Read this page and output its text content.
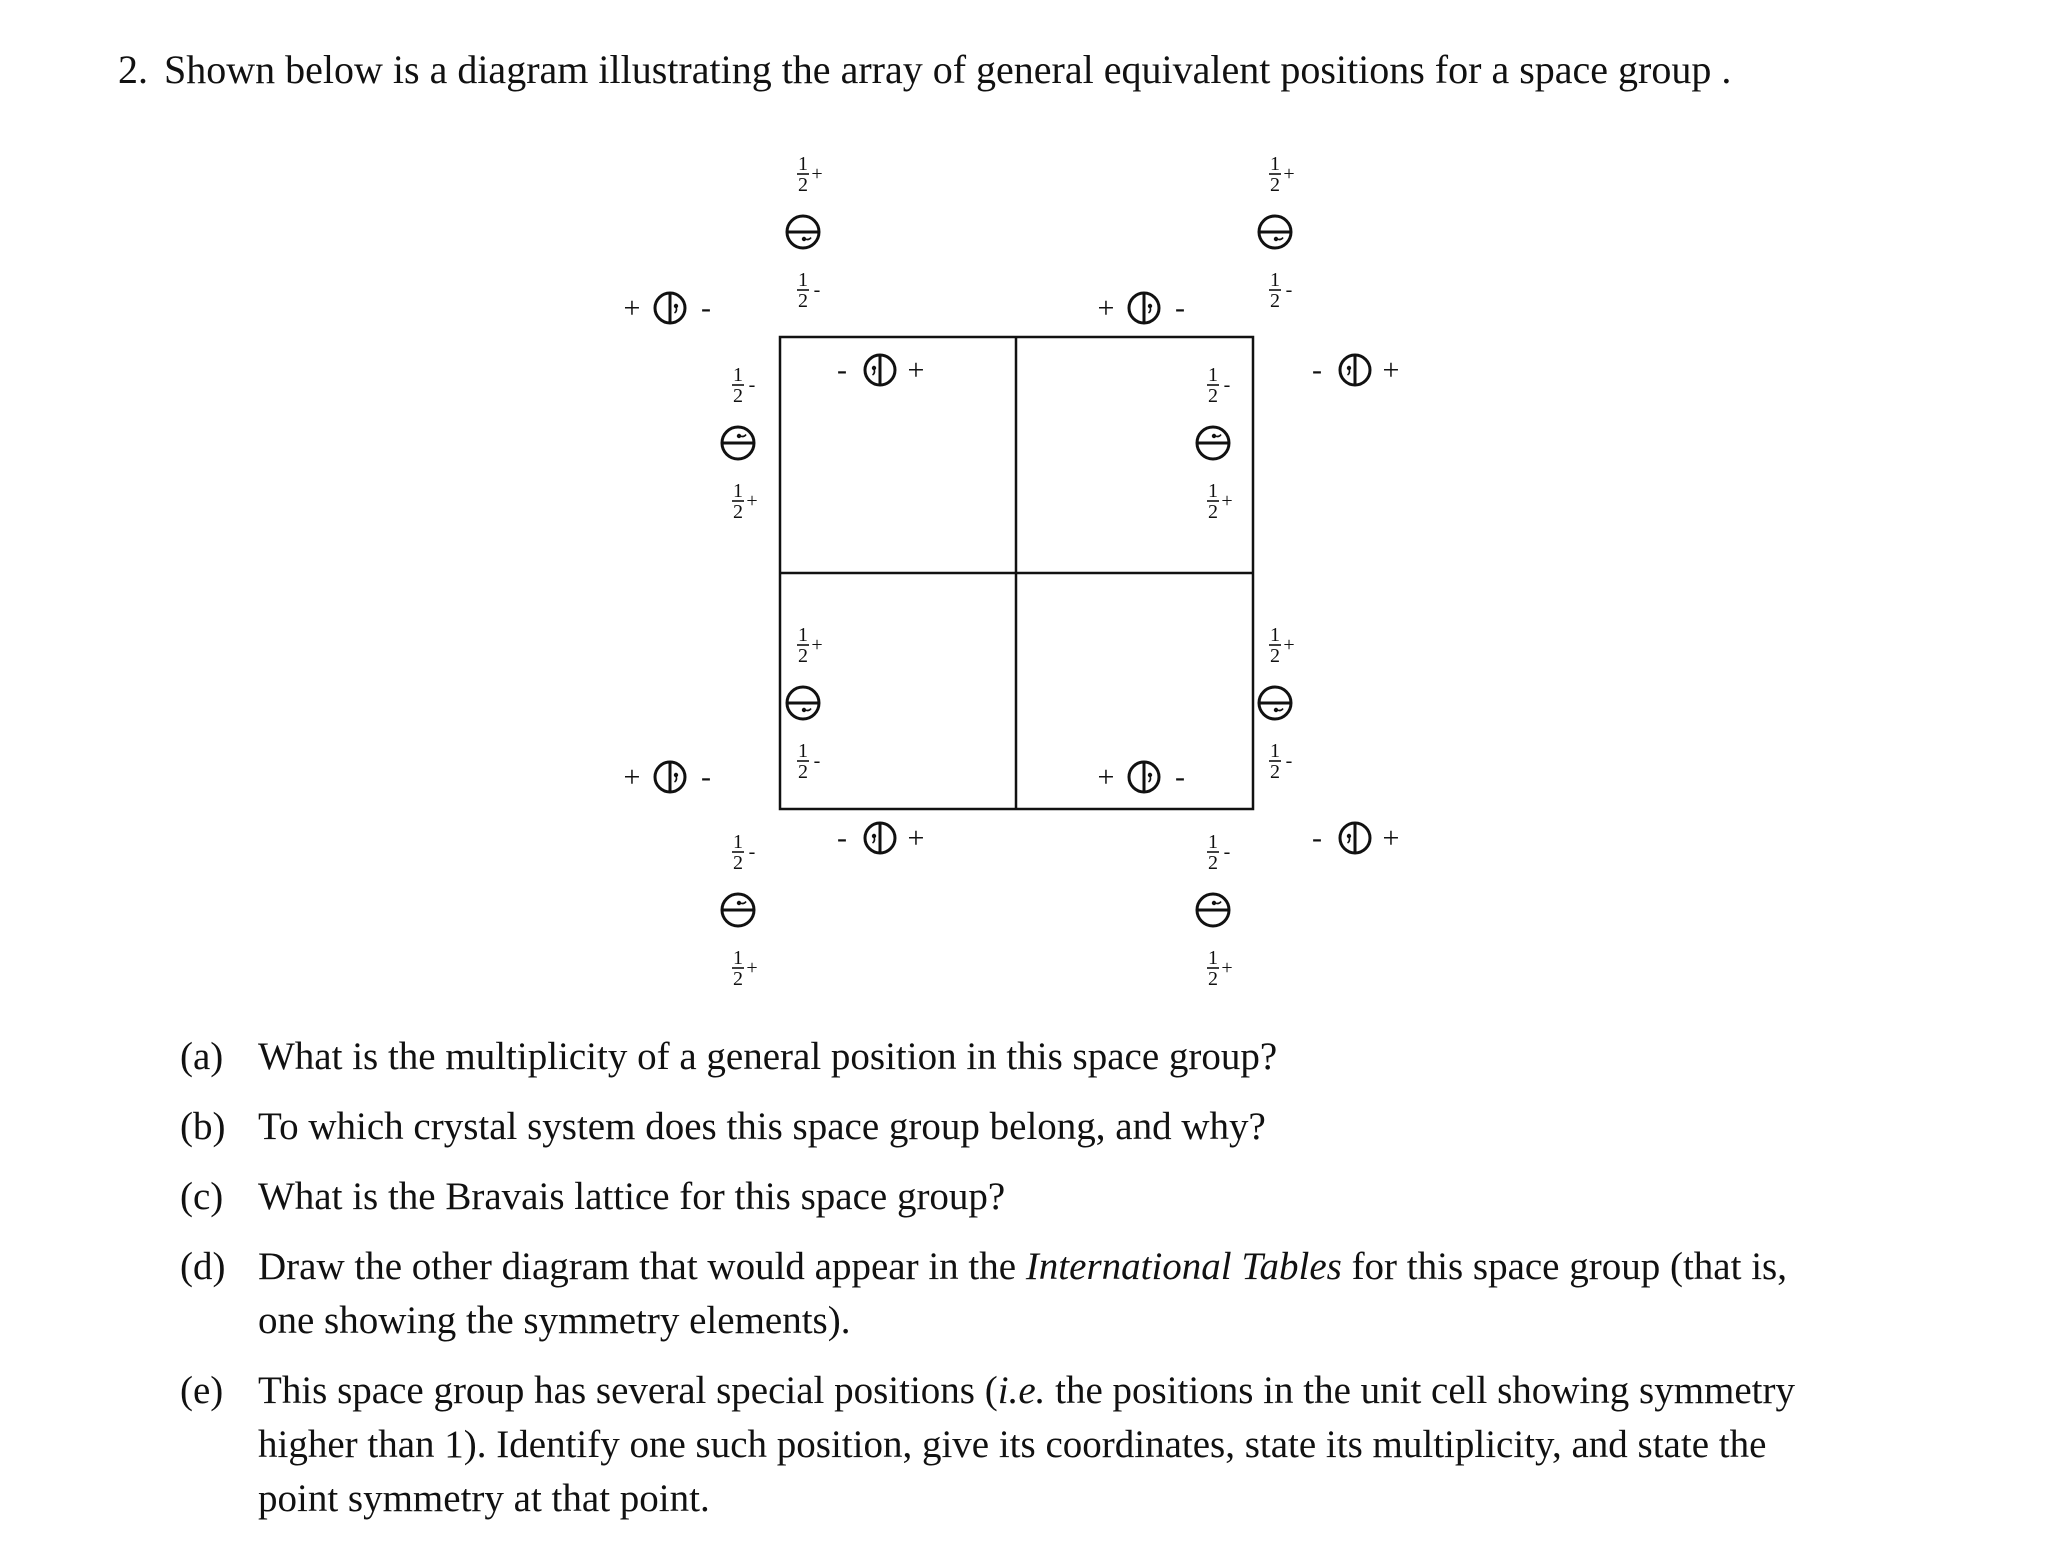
2. Shown below is a diagram illustrating the array of general equivalent positions for a space group .
+ -	+ -
- +	- +
+ -	+ -
- +	- +
1
2 +
1
2 -
1
2 +
1
2 -
1
2 -
1
2 +
1
2 -
1
2 +
1
2 +
1
2 -
1
2 +
1
2 -
1
2 -
1
2 +
1
2 -
1
2 +
(a) What is the multiplicity of a general position in this space group?
(b) To which crystal system does this space group belong, and why?
(c) What is the Bravais lattice for this space group?
(d) Draw the other diagram that would appear in the International Tables for this space group (that is, one showing the symmetry elements).
(e) This space group has several special positions (i.e. the positions in the unit cell showing symmetry higher than 1). Identify one such position, give its coordinates, state its multiplicity, and state the point symmetry at that point.
